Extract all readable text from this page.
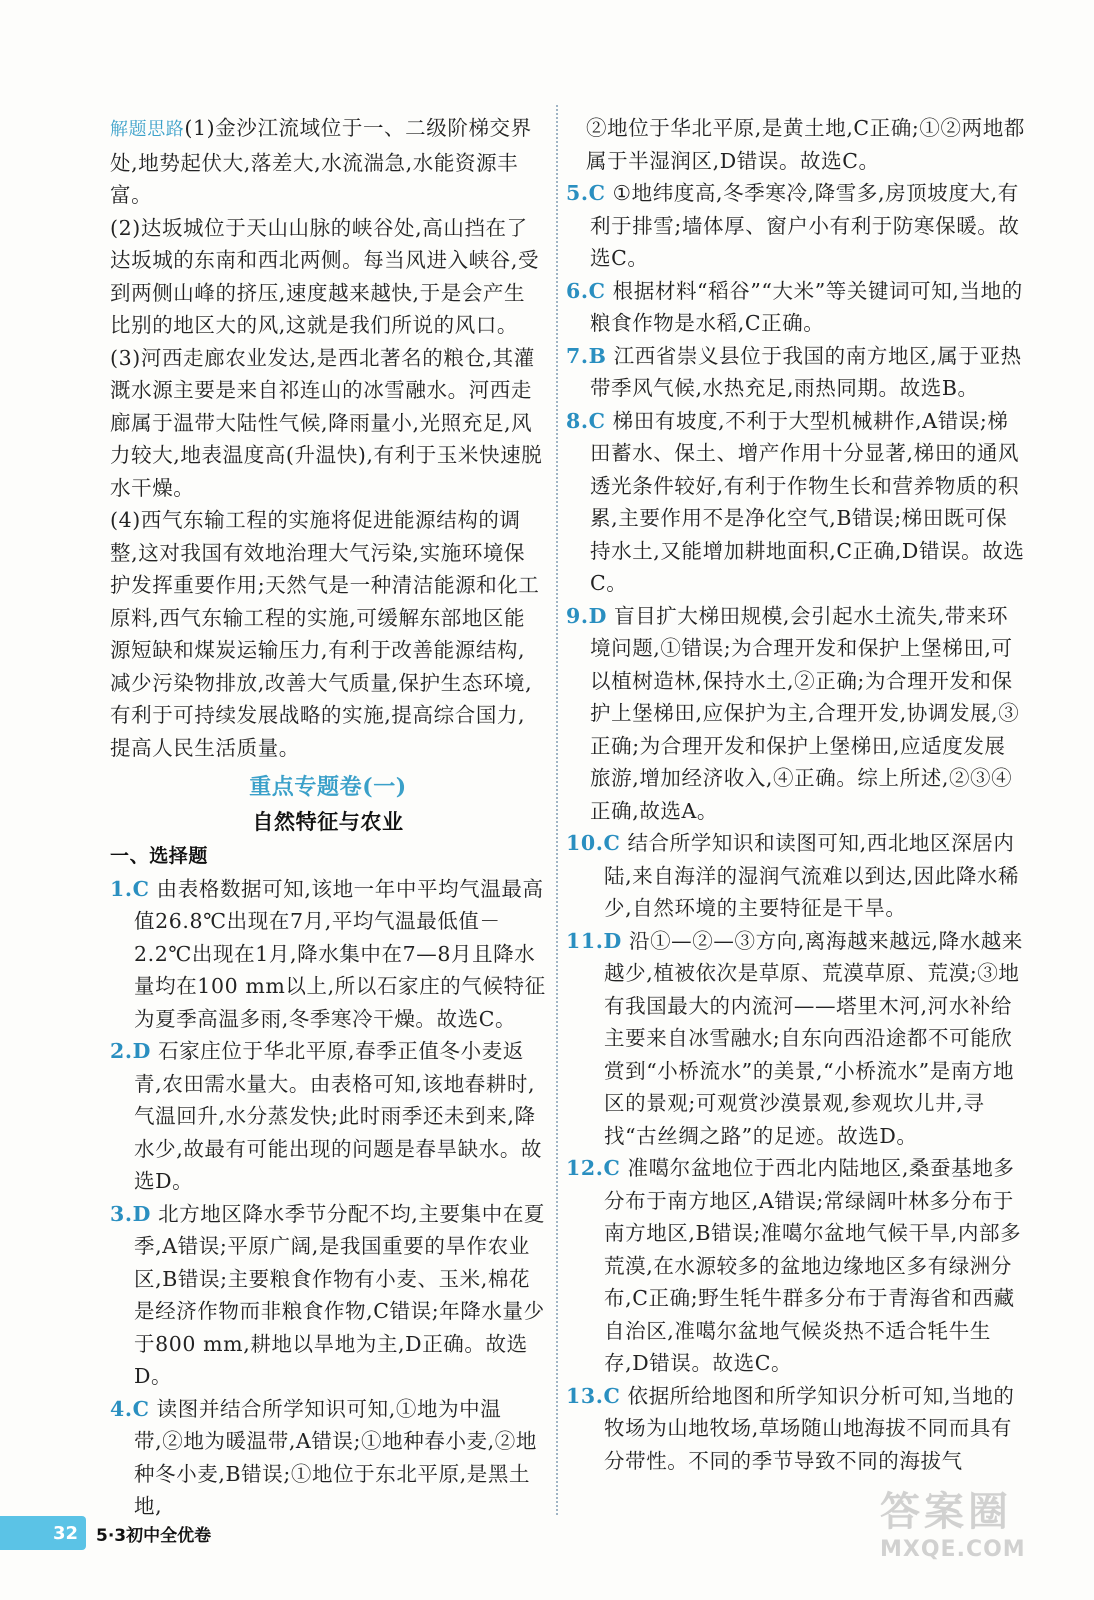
解题思路(1)金沙江流域位于一、二级阶梯交界处,地势起伏大,落差大,水流湍急,水能资源丰富。

(2)达坂城位于天山山脉的峡谷处,高山挡在了达坂城的东南和西北两侧。每当风进入峡谷,受到两侧山峰的挤压,速度越来越快,于是会产生比别的地区大的风,这就是我们所说的风口。

(3)河西走廊农业发达,是西北著名的粮仓,其灌溉水源主要是来自祁连山的冰雪融水。河西走廊属于温带大陆性气候,降雨量小,光照充足,风力较大,地表温度高(升温快),有利于玉米快速脱水干燥。

(4)西气东输工程的实施将促进能源结构的调整,这对我国有效地治理大气污染,实施环境保护发挥重要作用;天然气是一种清洁能源和化工原料,西气东输工程的实施,可缓解东部地区能源短缺和煤炭运输压力,有利于改善能源结构,减少污染物排放,改善大气质量,保护生态环境,有利于可持续发展战略的实施,提高综合国力,提高人民生活质量。

重点专题卷(一)
自然特征与农业
一、选择题

1.C 由表格数据可知,该地一年中平均气温最高值26.8℃出现在7月,平均气温最低值－2.2℃出现在1月,降水集中在7—8月且降水量均在100 mm以上,所以石家庄的气候特征为夏季高温多雨,冬季寒冷干燥。故选C。

2.D 石家庄位于华北平原,春季正值冬小麦返青,农田需水量大。由表格可知,该地春耕时,气温回升,水分蒸发快;此时雨季还未到来,降水少,故最有可能出现的问题是春旱缺水。故选D。

3.D 北方地区降水季节分配不均,主要集中在夏季,A错误;平原广阔,是我国重要的旱作农业区,B错误;主要粮食作物有小麦、玉米,棉花是经济作物而非粮食作物,C错误;年降水量少于800 mm,耕地以旱地为主,D正确。故选D。

4.C 读图并结合所学知识可知,①地为中温带,②地为暖温带,A错误;①地种春小麦,②地种冬小麦,B错误;①地位于东北平原,是黑土地,

②地位于华北平原,是黄土地,C正确;①②两地都属于半湿润区,D错误。故选C。

5.C ①地纬度高,冬季寒冷,降雪多,房顶坡度大,有利于排雪;墙体厚、窗户小有利于防寒保暖。故选C。

6.C 根据材料“稻谷”“大米”等关键词可知,当地的粮食作物是水稻,C正确。

7.B 江西省崇义县位于我国的南方地区,属于亚热带季风气候,水热充足,雨热同期。故选B。

8.C 梯田有坡度,不利于大型机械耕作,A错误;梯田蓄水、保土、增产作用十分显著,梯田的通风透光条件较好,有利于作物生长和营养物质的积累,主要作用不是净化空气,B错误;梯田既可保持水土,又能增加耕地面积,C正确,D错误。故选C。

9.D 盲目扩大梯田规模,会引起水土流失,带来环境问题,①错误;为合理开发和保护上堡梯田,可以植树造林,保持水土,②正确;为合理开发和保护上堡梯田,应保护为主,合理开发,协调发展,③正确;为合理开发和保护上堡梯田,应适度发展旅游,增加经济收入,④正确。综上所述,②③④正确,故选A。

10.C 结合所学知识和读图可知,西北地区深居内陆,来自海洋的湿润气流难以到达,因此降水稀少,自然环境的主要特征是干旱。

11.D 沿①—②—③方向,离海越来越远,降水越来越少,植被依次是草原、荒漠草原、荒漠;③地有我国最大的内流河——塔里木河,河水补给主要来自冰雪融水;自东向西沿途都不可能欣赏到“小桥流水”的美景,“小桥流水”是南方地区的景观;可观赏沙漠景观,参观坎儿井,寻找“古丝绸之路”的足迹。故选D。

12.C 准噶尔盆地位于西北内陆地区,桑蚕基地多分布于南方地区,A错误;常绿阔叶林多分布于南方地区,B错误;准噶尔盆地气候干旱,内部多荒漠,在水源较多的盆地边缘地区多有绿洲分布,C正确;野生牦牛群多分布于青海省和西藏自治区,准噶尔盆地气候炎热不适合牦牛生存,D错误。故选C。

13.C 依据所给地图和所学知识分析可知,当地的牧场为山地牧场,草场随山地海拔不同而具有分带性。不同的季节导致不同的海拔气

32	5·3初中全优卷
答案圈
MXQE.COM
